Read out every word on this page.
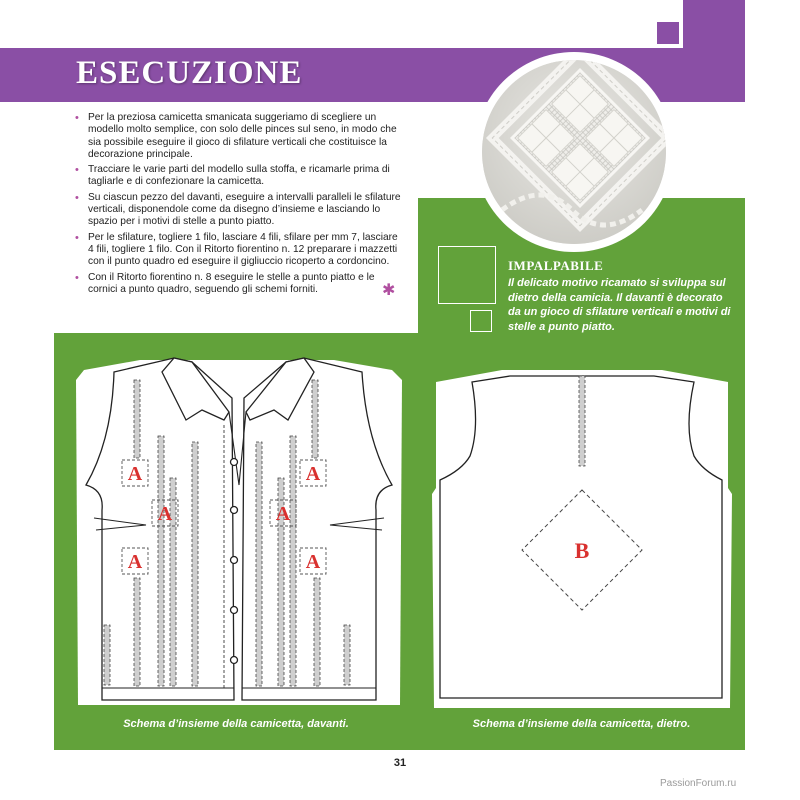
ESECUZIONE
• Per la preziosa camicetta smanicata suggeriamo di scegliere un modello molto semplice, con solo delle pinces sul seno, in modo che sia possibile eseguire il gioco di sfilature verticali che costituisce la decorazione principale.
• Tracciare le varie parti del modello sulla stoffa, e ricamarle prima di tagliarle e di confezionare la camicetta.
• Su ciascun pezzo del davanti, eseguire a intervalli paralleli le sfilature verticali, disponendole come da disegno d’insieme e lasciando lo spazio per i motivi di stelle a punto piatto.
• Per le sfilature, togliere 1 filo, lasciare 4 fili, sfilare per mm 7, lasciare 4 fili, togliere 1 filo. Con il Ritorto fiorentino n. 12 preparare i mazzetti con il punto quadro ed eseguire il gigliuccio ricoperto a cordoncino.
• Con il Ritorto fiorentino n. 8 eseguire le stelle a punto piatto e le cornici a punto quadro, seguendo gli schemi forniti.	✱
IMPALPABILE
Il delicato motivo ricamato si sviluppa sul dietro della camicia. Il davanti è decorato da un gioco di sfilature verticali e motivi di stelle a punto piatto.
A
A
A
A
A
A
Schema d’insieme della camicetta, davanti.
B
Schema d’insieme della camicetta, dietro.
31
PassionForum.ru
